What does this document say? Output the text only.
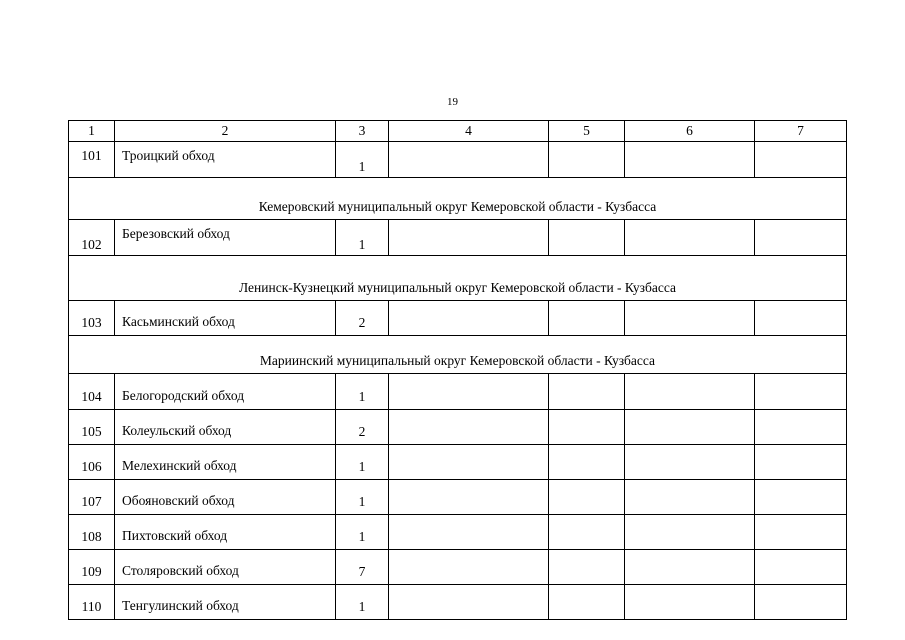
19
1	2	3	4	5	6	7
101	Троицкий обход	1				
Кемеровский муниципальный округ Кемеровской области - Кузбасса						
102	Березовский обход	1				
Ленинск-Кузнецкий муниципальный округ Кемеровской области - Кузбасса						
103	Касьминский обход	2				
Мариинский муниципальный округ Кемеровской области - Кузбасса						
104	Белогородский обход	1				
105	Колеульский обход	2				
106	Мелехинский обход	1				
107	Обояновский обход	1				
108	Пихтовский обход	1				
109	Столяровский обход	7				
110	Тенгулинский обход	1				
